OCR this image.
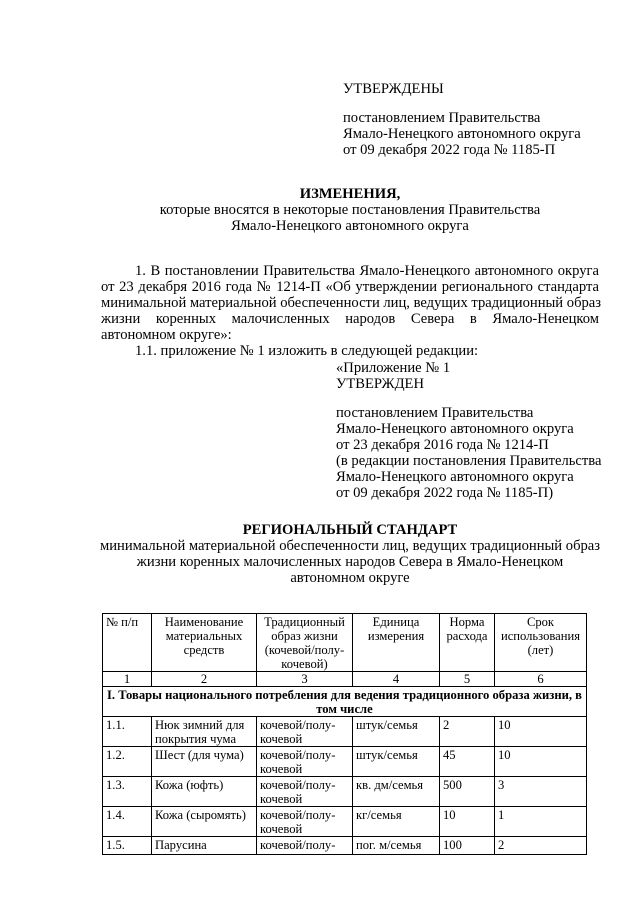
УТВЕРЖДЕНЫ
постановлением Правительства
Ямало-Ненецкого автономного округа
от 09 декабря 2022 года № 1185-П
ИЗМЕНЕНИЯ,
которые вносятся в некоторые постановления Правительства
Ямало-Ненецкого автономного округа
1. В постановлении Правительства Ямало-Ненецкого автономного округа
от 23 декабря 2016 года № 1214-П «Об утверждении регионального стандарта
минимальной материальной обеспеченности лиц, ведущих традиционный образ
жизни коренных малочисленных народов Севера в Ямало-Ненецком
автономном округе»:
1.1. приложение № 1 изложить в следующей редакции:
«Приложение № 1
УТВЕРЖДЕН
постановлением Правительства
Ямало-Ненецкого автономного округа
от 23 декабря 2016 года № 1214-П
(в редакции постановления Правительства
Ямало-Ненецкого автономного округа
от 09 декабря 2022 года № 1185-П)
РЕГИОНАЛЬНЫЙ СТАНДАРТ
минимальной материальной обеспеченности лиц, ведущих традиционный образ
жизни коренных малочисленных народов Севера в Ямало-Ненецком
автономном округе
№ п/п	Наименование материальных средств	Традиционный образ жизни (кочевой/полу-кочевой)	Единица измерения	Норма расхода	Срок использования (лет)
1	2	3	4	5	6
I. Товары национального потребления для ведения традиционного образа жизни, в том числе					
1.1.	Нюк зимний для покрытия чума	кочевой/полу-кочевой	штук/семья	2	10
1.2.	Шест (для чума)	кочевой/полу-кочевой	штук/семья	45	10
1.3.	Кожа (юфть)	кочевой/полу-кочевой	кв. дм/семья	500	3
1.4.	Кожа (сыромять)	кочевой/полу-кочевой	кг/семья	10	1
1.5.	Парусина	кочевой/полу-	пог. м/семья	100	2
